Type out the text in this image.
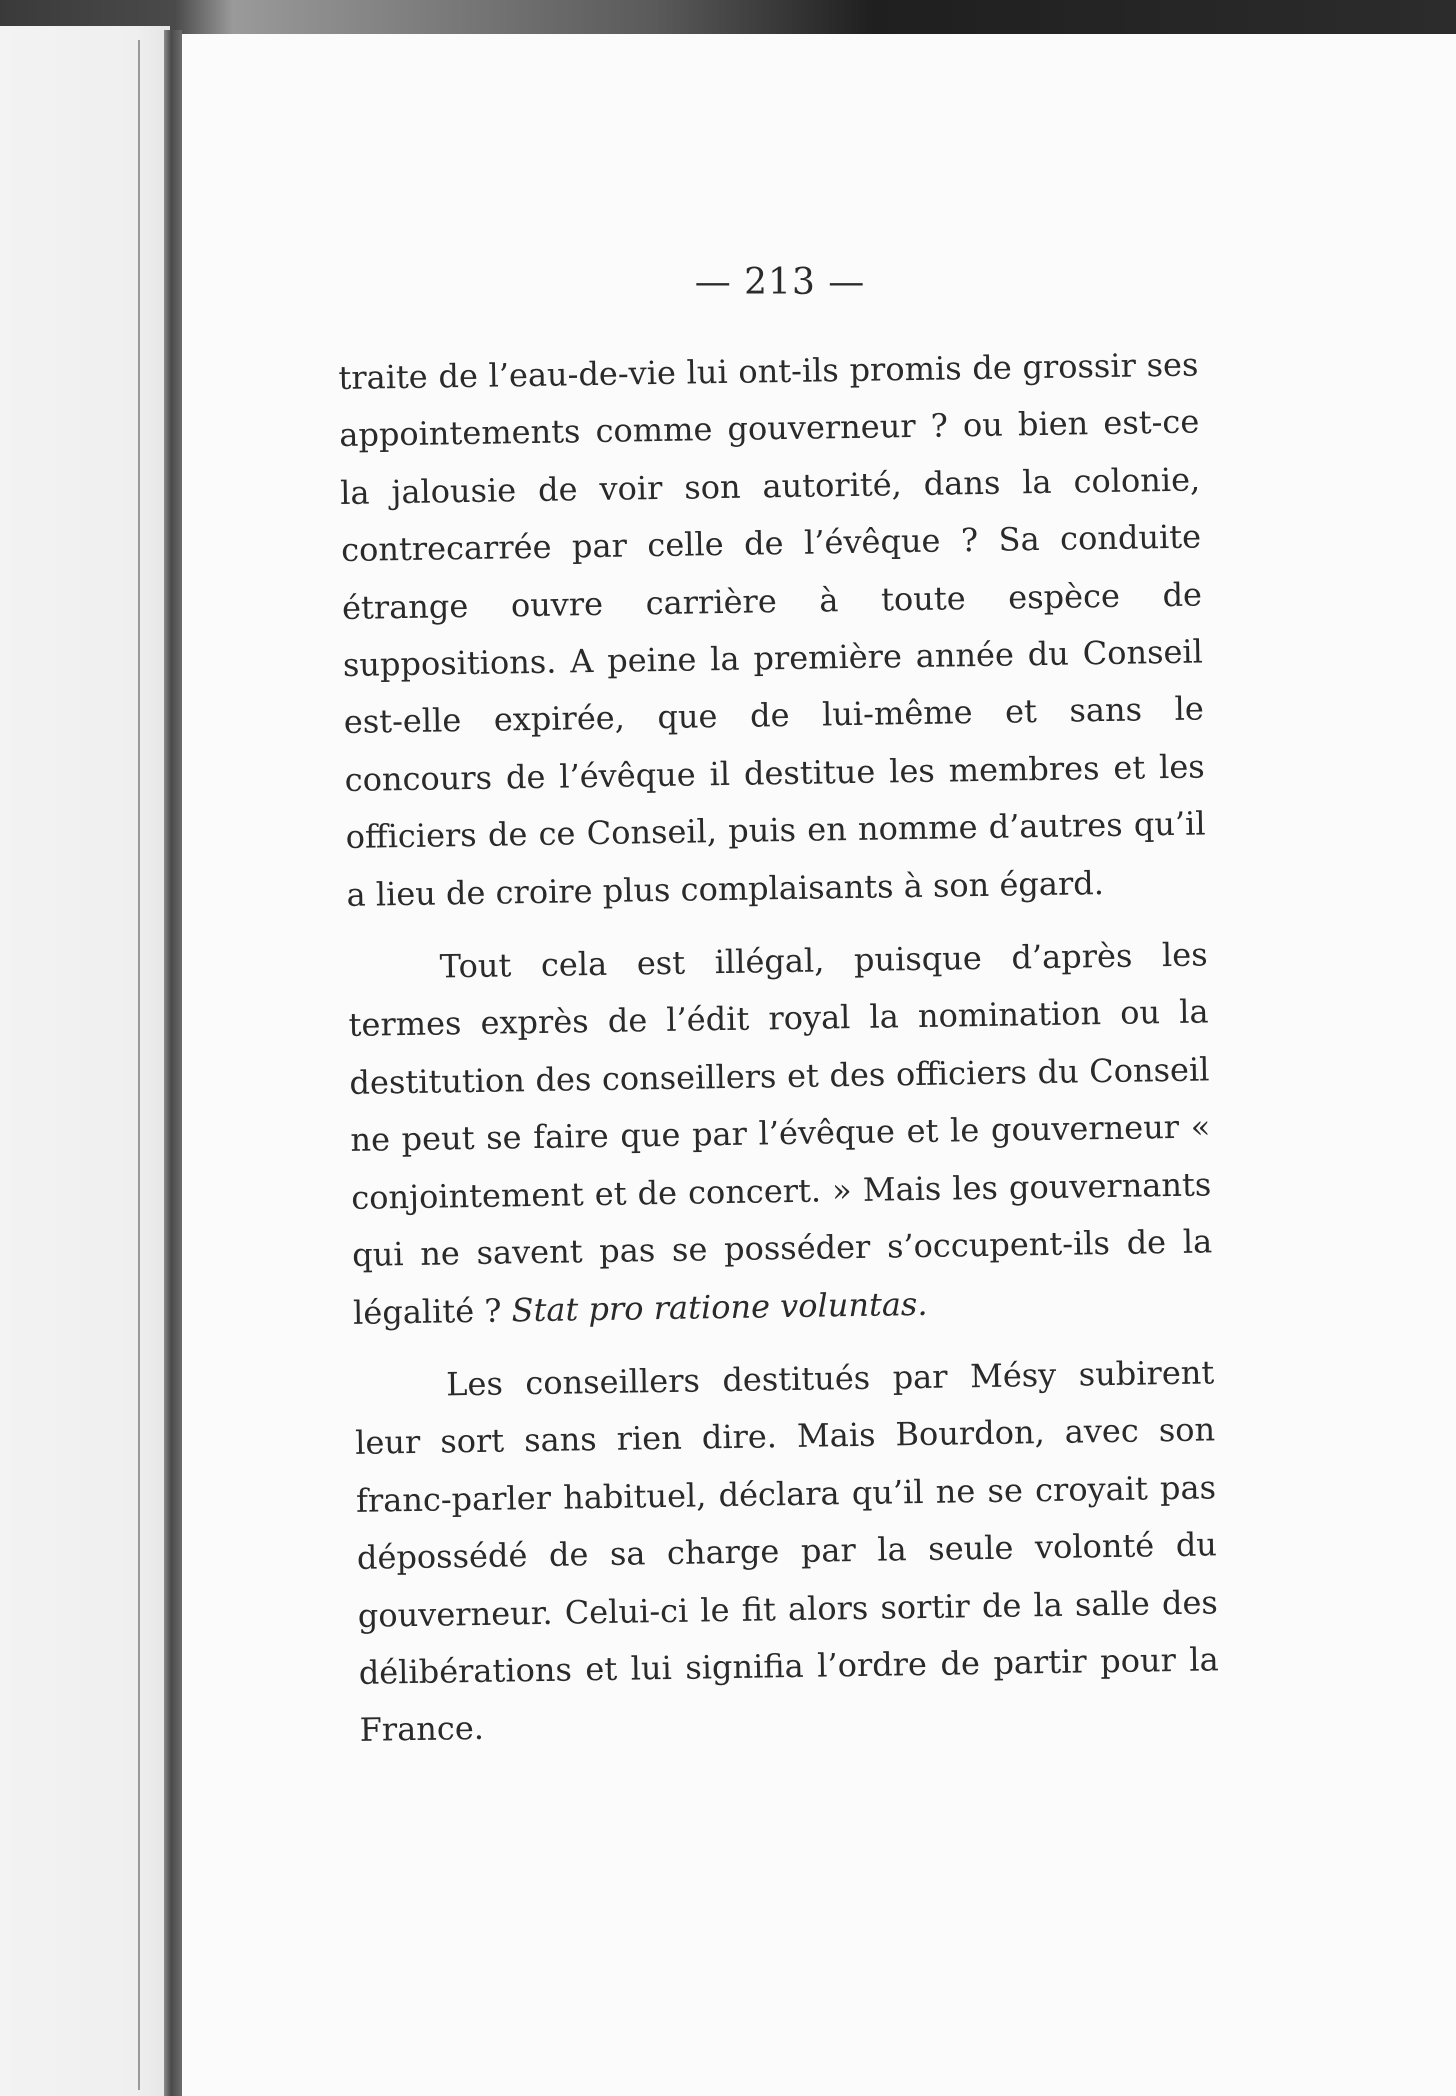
— 213 —

traite de l’eau-de-vie lui ont-ils promis de grossir ses appointements comme gouverneur ? ou bien est-ce la jalousie de voir son autorité, dans la colonie, contrecarrée par celle de l’évêque ? Sa conduite étrange ouvre carrière à toute espèce de suppositions. A peine la première année du Conseil est-elle expirée, que de lui-même et sans le concours de l’évêque il destitue les membres et les officiers de ce Conseil, puis en nomme d’autres qu’il a lieu de croire plus complaisants à son égard.

Tout cela est illégal, puisque d’après les termes exprès de l’édit royal la nomination ou la destitution des conseillers et des officiers du Conseil ne peut se faire que par l’évêque et le gouverneur « conjointement et de concert. » Mais les gouvernants qui ne savent pas se posséder s’occupent-ils de la légalité ? Stat pro ratione voluntas.

Les conseillers destitués par Mésy subirent leur sort sans rien dire. Mais Bourdon, avec son franc-parler habituel, déclara qu’il ne se croyait pas dépossédé de sa charge par la seule volonté du gouverneur. Celui-ci le fit alors sortir de la salle des délibérations et lui signifia l’ordre de partir pour la France.
